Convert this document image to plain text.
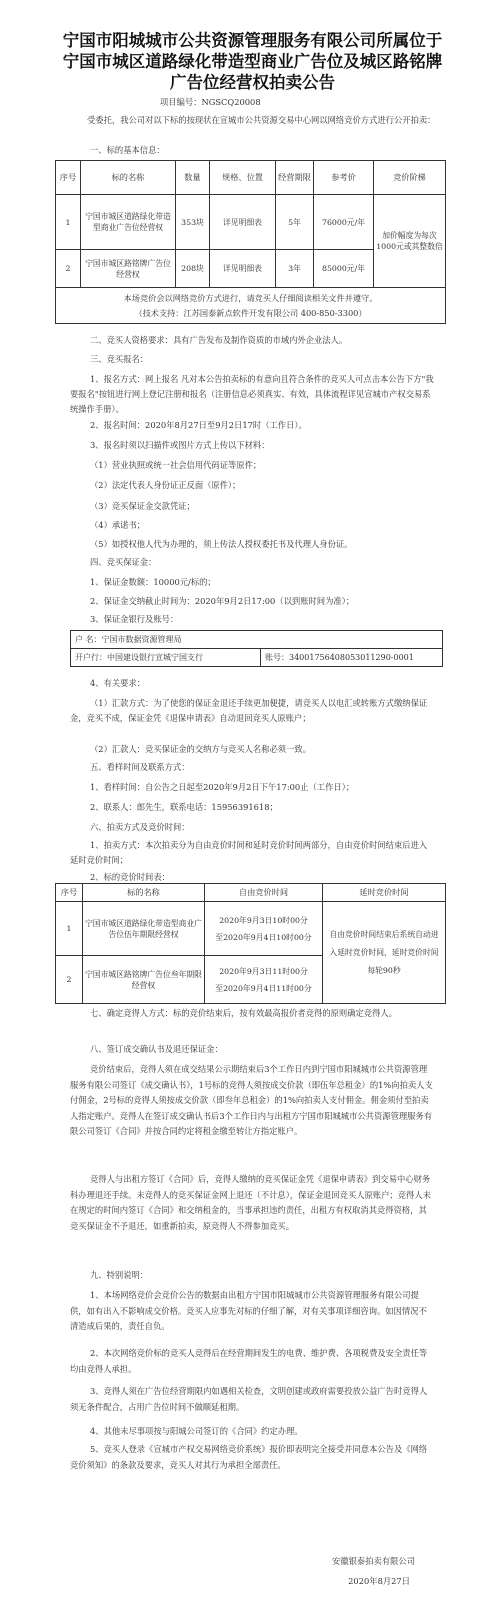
宁国市阳城城市公共资源管理服务有限公司所属位于宁国市城区道路绿化带造型商业广告位及城区路铭牌广告位经营权拍卖公告
项目编号：NGSCQ20008
受委托，我公司对以下标的按现状在宣城市公共资源交易中心网以网络竞价方式进行公开拍卖：
一、标的基本信息：
序号	标的名称	数量	规格、位置	经营期限	参考价	竞价阶梯
1	宁国市城区道路绿化带造型商业广告位经营权	353块	详见明细表	5年	76000元/年	加价幅度为每次1000元或其整数倍
2	宁国市城区路铭牌广告位经营权	208块	详见明细表	3年	85000元/年	

本场竞价会以网络竞价方式进行，请竞买人仔细阅读相关文件并遵守。
（技术支持：江苏国泰新点软件开发有限公司 400-850-3300）						
二、竞买人资格要求：具有广告发布及制作资质的市域内外企业法人。
三、竞买报名：
1、报名方式：网上报名 凡对本公告拍卖标的有意向且符合条件的竞买人可点击本公告下方"我要报名"按钮进行网上登记注册和报名（注册信息必须真实、有效，具体流程详见宣城市产权交易系统操作手册）。
2、报名时间：2020年8月27日至9月2日17时（工作日）。
3、报名时须以扫描件或图片方式上传以下材料：
（1）营业执照或统一社会信用代码证等原件；
（2）法定代表人身份证正反面（原件）；
（3）竞买保证金交款凭证；
（4）承诺书；
（5）如授权他人代为办理的，须上传法人授权委托书及代理人身份证。
四、竞买保证金：
1、保证金数额：10000元/标的；
2、保证金交纳截止时间为：2020年9月2日17:00（以到账时间为准）；
3、保证金银行及账号：
户 名：宁国市数据资源管理局
开户行：中国建设银行宣城宁国支行	账号：34001756408053011290-0001
4、有关要求：
（1）汇款方式：为了使您的保证金退还手续更加便捷，请竞买人以电汇或转账方式缴纳保证金，竞买不成，保证金凭《退保申请表》自动退回竞买人原账户；
（2）汇款人：竞买保证金的交纳方与竞买人名称必须一致。
五、看样时间及联系方式：
1、看样时间：自公告之日起至2020年9月2日下午17:00止（工作日）；
2、联系人：郎先生，联系电话：15956391618；
六、拍卖方式及竞价时间：
1、拍卖方式：本次拍卖分为自由竞价时间和延时竞价时间两部分，自由竞价时间结束后进入延时竞价时间；
2、标的竞价时间表：
序号	标的名称	自由竞价时间	延时竞价时间
1	宁国市城区道路绿化带造型商业广告位伍年期限经营权	2020年9月3日10时00分
至2020年9月4日10时00分	自由竞价时间结束后系统自动进入延时竞价时间，延时竞价时间每轮90秒
2	宁国市城区路铭牌广告位叁年期限经营权	2020年9月3日11时00分
至2020年9月4日11时00分	
七、确定竞得人方式：标的竞价结束后，按有效最高报价者竞得的原则确定竞得人。
八、签订成交确认书及退还保证金：
竞价结束后，竞得人须在成交结果公示期结束后3个工作日内到宁国市阳城城市公共资源管理服务有限公司签订《成交确认书》，1号标的竞得人须按成交价款（即伍年总租金）的1%向拍卖人支付佣金，2号标的竞得人须按成交价款（即叁年总租金）的1%向拍卖人支付佣金。佣金须付至拍卖人指定账户。竞得人在签订成交确认书后3个工作日内与出租方宁国市阳城城市公共资源管理服务有限公司签订《合同》并按合同约定将租金缴至转让方指定账户。
竞得人与出租方签订《合同》后，竞得人缴纳的竞买保证金凭《退保申请表》到交易中心财务科办理退还手续。未竞得人的竞买保证金网上退还（不计息），保证金退回竞买人原账户；竞得人未在规定的时间内签订《合同》和交纳租金的，当事承担违约责任，出租方有权取消其竞得资格，其竞买保证金不予退还，如重新拍卖，原竞得人不得参加竞买。
九、特别说明：
1、本场网络竞价会竞价公告的数据由出租方宁国市阳城城市公共资源管理服务有限公司提供，如有出入不影响成交价格。竞买人应事先对标的仔细了解，对有关事项详细咨询。如因情况不清造成后果的，责任自负。
2、本次网络竞价标的竞买人竞得后在经营期间发生的电费、维护费、各项税费及安全责任等均由竞得人承担。
3、竞得人须在广告位经营期限内如遇相关检查，文明创建或政府需要投放公益广告时竞得人须无条件配合，占用广告位时间不做顺延租期。
4、其他未尽事项按与阳城公司签订的《合同》约定办理。
5、竞买人登录《宣城市产权交易网络竞价系统》报价即表明完全接受并同意本公告及《网络竞价须知》的条款及要求，竞买人对其行为承担全部责任。
安徽银泰拍卖有限公司
2020年8月27日
